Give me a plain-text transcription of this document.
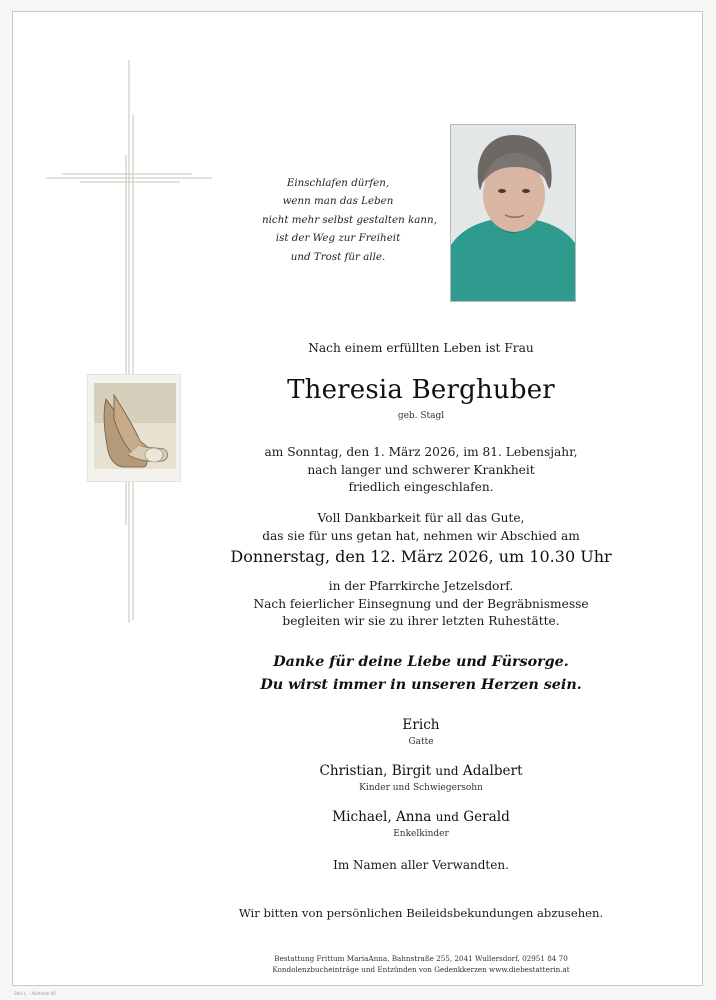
Einschlafen dürfen,
wenn man das Leben
nicht mehr selbst gestalten kann,
ist der Weg zur Freiheit
und Trost für alle.
Nach einem erfüllten Leben ist Frau
Theresia Berghuber
geb. Stagl
am Sonntag, den 1. März 2026, im 81. Lebensjahr,
nach langer und schwerer Krankheit
friedlich eingeschlafen.
Voll Dankbarkeit für all das Gute,
das sie für uns getan hat, nehmen wir Abschied am
Donnerstag, den 12. März 2026, um 10.30 Uhr
in der Pfarrkirche Jetzelsdorf.
Nach feierlicher Einsegnung und der Begräbnismesse
begleiten wir sie zu ihrer letzten Ruhestätte.
Danke für deine Liebe und Fürsorge.
Du wirst immer in unseren Herzen sein.
Erich
Gatte
Christian, Birgit und Adalbert
Kinder und Schwiegersohn
Michael, Anna und Gerald
Enkelkinder
Im Namen aller Verwandten.
Wir bitten von persönlichen Beileidsbekundungen abzusehen.
Bestattung Frittum MariaAnna, Bahnstraße 255, 2041 Wullersdorf, 02951 84 70
Kondolenzbucheinträge und Entzünden von Gedenkkerzen www.diebestatterin.at
Stilo L. - Abstimm 40
